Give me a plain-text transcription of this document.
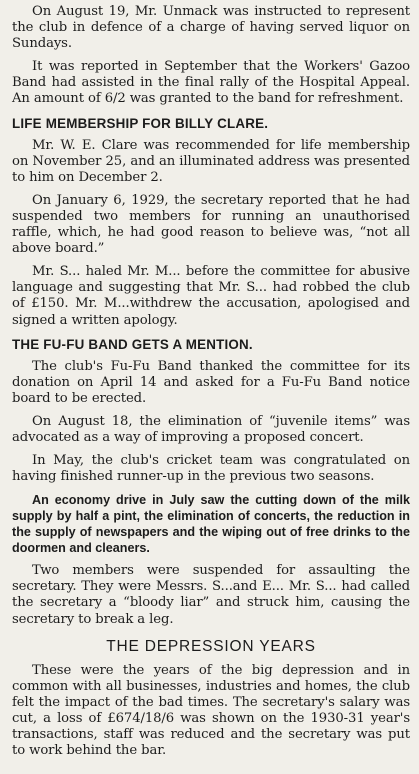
On August 19, Mr. Unmack was instructed to represent the club in defence of a charge of having served liquor on Sundays.

It was reported in September that the Workers' Gazoo Band had assisted in the final rally of the Hospital Appeal. An amount of 6/2 was granted to the band for refreshment.

LIFE MEMBERSHIP FOR BILLY CLARE.

Mr. W. E. Clare was recommended for life membership on November 25, and an illuminated address was presented to him on December 2.

On January 6, 1929, the secretary reported that he had suspended two members for running an unauthorised raffle, which, he had good reason to believe was, “not all above board.”

Mr. S... haled Mr. M... before the committee for abusive language and suggesting that Mr. S... had robbed the club of £150. Mr. M...withdrew the accusation, apologised and signed a written apology.

THE FU-FU BAND GETS A MENTION.

The club's Fu-Fu Band thanked the committee for its donation on April 14 and asked for a Fu-Fu Band notice board to be erected.

On August 18, the elimination of “juvenile items” was advocated as a way of improving a proposed concert.

In May, the club's cricket team was congratulated on having finished runner-up in the previous two seasons.

An economy drive in July saw the cutting down of the milk supply by half a pint, the elimination of concerts, the reduction in the supply of newspapers and the wiping out of free drinks to the doormen and cleaners.

Two members were suspended for assaulting the secretary. They were Messrs. S...and E... Mr. S... had called the secretary a “bloody liar” and struck him, causing the secretary to break a leg.

THE DEPRESSION YEARS

These were the years of the big depression and in common with all businesses, industries and homes, the club felt the impact of the bad times. The secretary's salary was cut, a loss of £674/18/6 was shown on the 1930-31 year's transactions, staff was reduced and the secretary was put to work behind the bar.
